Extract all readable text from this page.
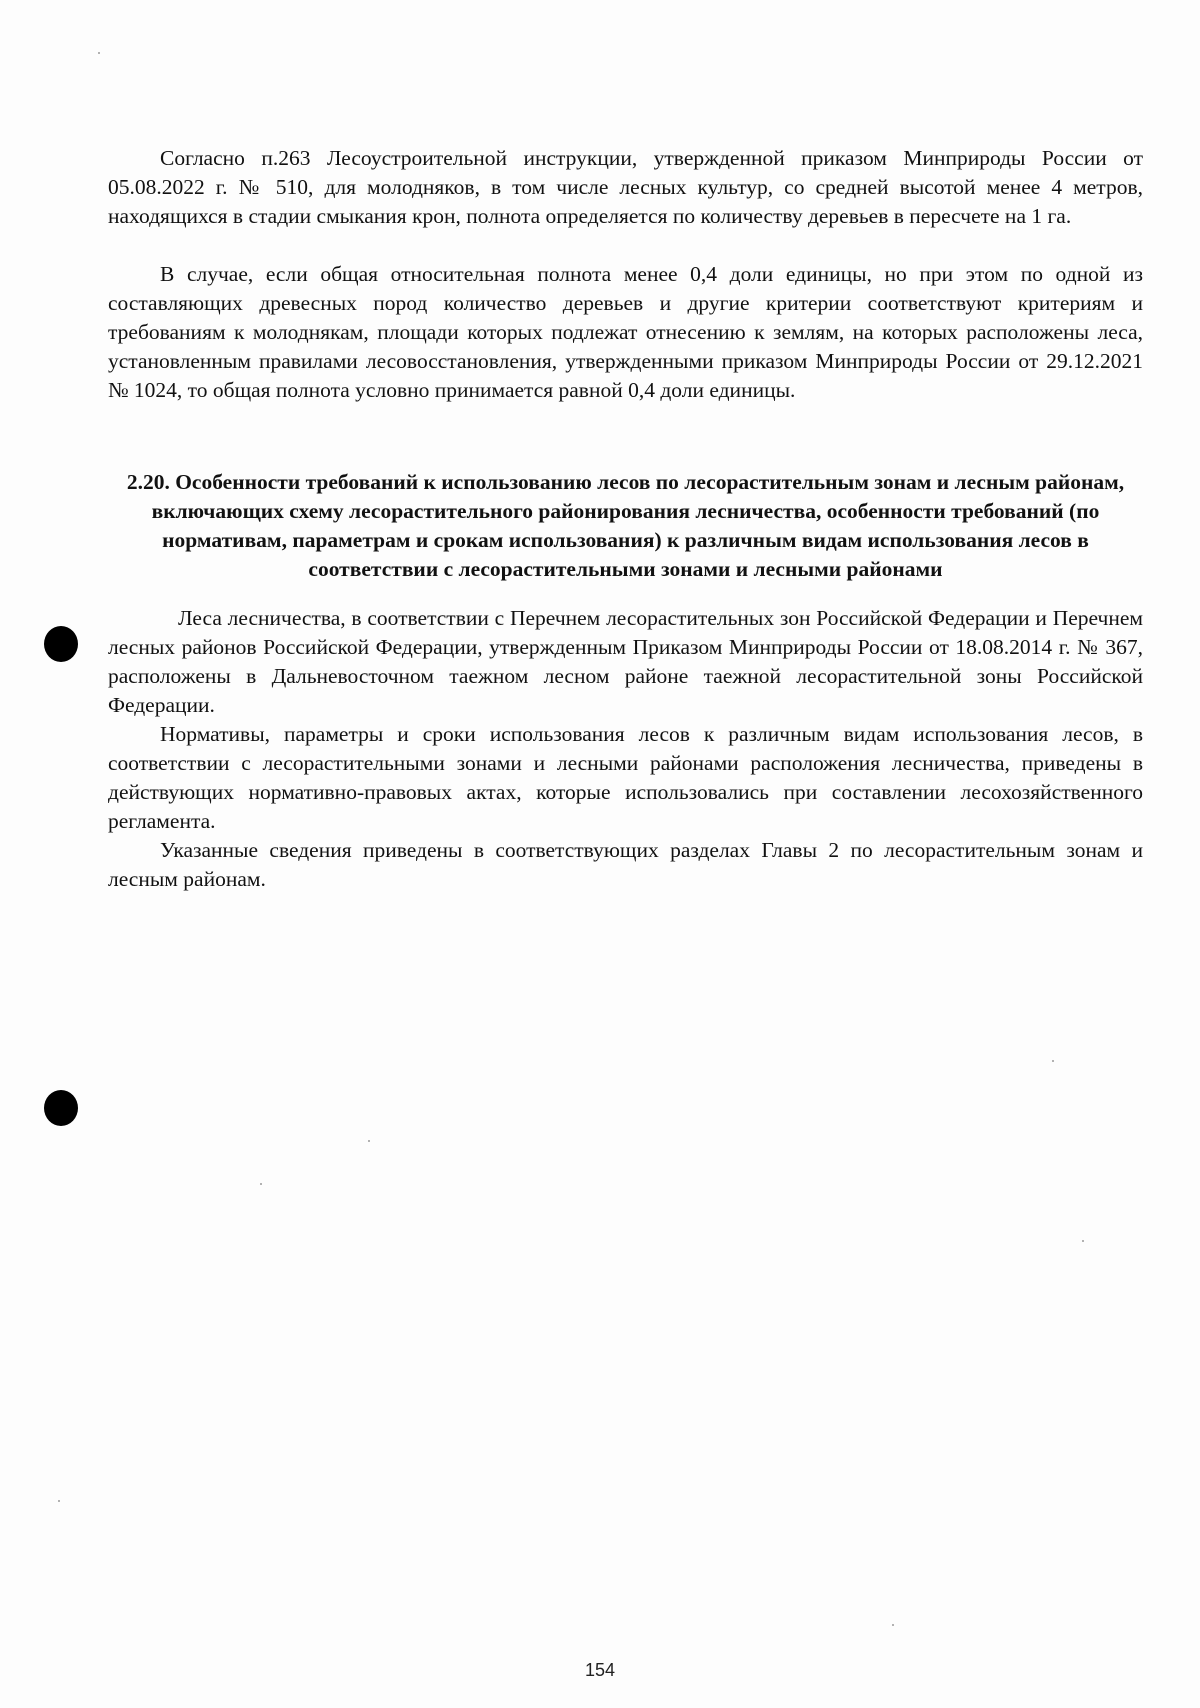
Согласно п.263 Лесоустроительной инструкции, утвержденной приказом Минприроды России от 05.08.2022 г. № 510, для молодняков, в том числе лесных культур, со средней высотой менее 4 метров, находящихся в стадии смыкания крон, полнота определяется по количеству деревьев в пересчете на 1 га.

В случае, если общая относительная полнота менее 0,4 доли единицы, но при этом по одной из составляющих древесных пород количество деревьев и другие критерии соответствуют критериям и требованиям к молоднякам, площади которых подлежат отнесению к землям, на которых расположены леса, установленным правилами лесовосстановления, утвержденными приказом Минприроды России от 29.12.2021 № 1024, то общая полнота условно принимается равной 0,4 доли единицы.

2.20. Особенности требований к использованию лесов по лесорастительным зонам и лесным районам, включающих схему лесорастительного районирования лесничества, особенности требований (по нормативам, параметрам и срокам использования) к различным видам использования лесов в соответствии с лесорастительными зонами и лесными районами

Леса лесничества, в соответствии с Перечнем лесорастительных зон Российской Федерации и Перечнем лесных районов Российской Федерации, утвержденным Приказом Минприроды России от 18.08.2014 г. № 367, расположены в Дальневосточном таежном лесном районе таежной лесорастительной зоны Российской Федерации.

Нормативы, параметры и сроки использования лесов к различным видам использования лесов, в соответствии с лесорастительными зонами и лесными районами расположения лесничества, приведены в действующих нормативно-правовых актах, которые использовались при составлении лесохозяйственного регламента.

Указанные сведения приведены в соответствующих разделах Главы 2 по лесорастительным зонам и лесным районам.

154
